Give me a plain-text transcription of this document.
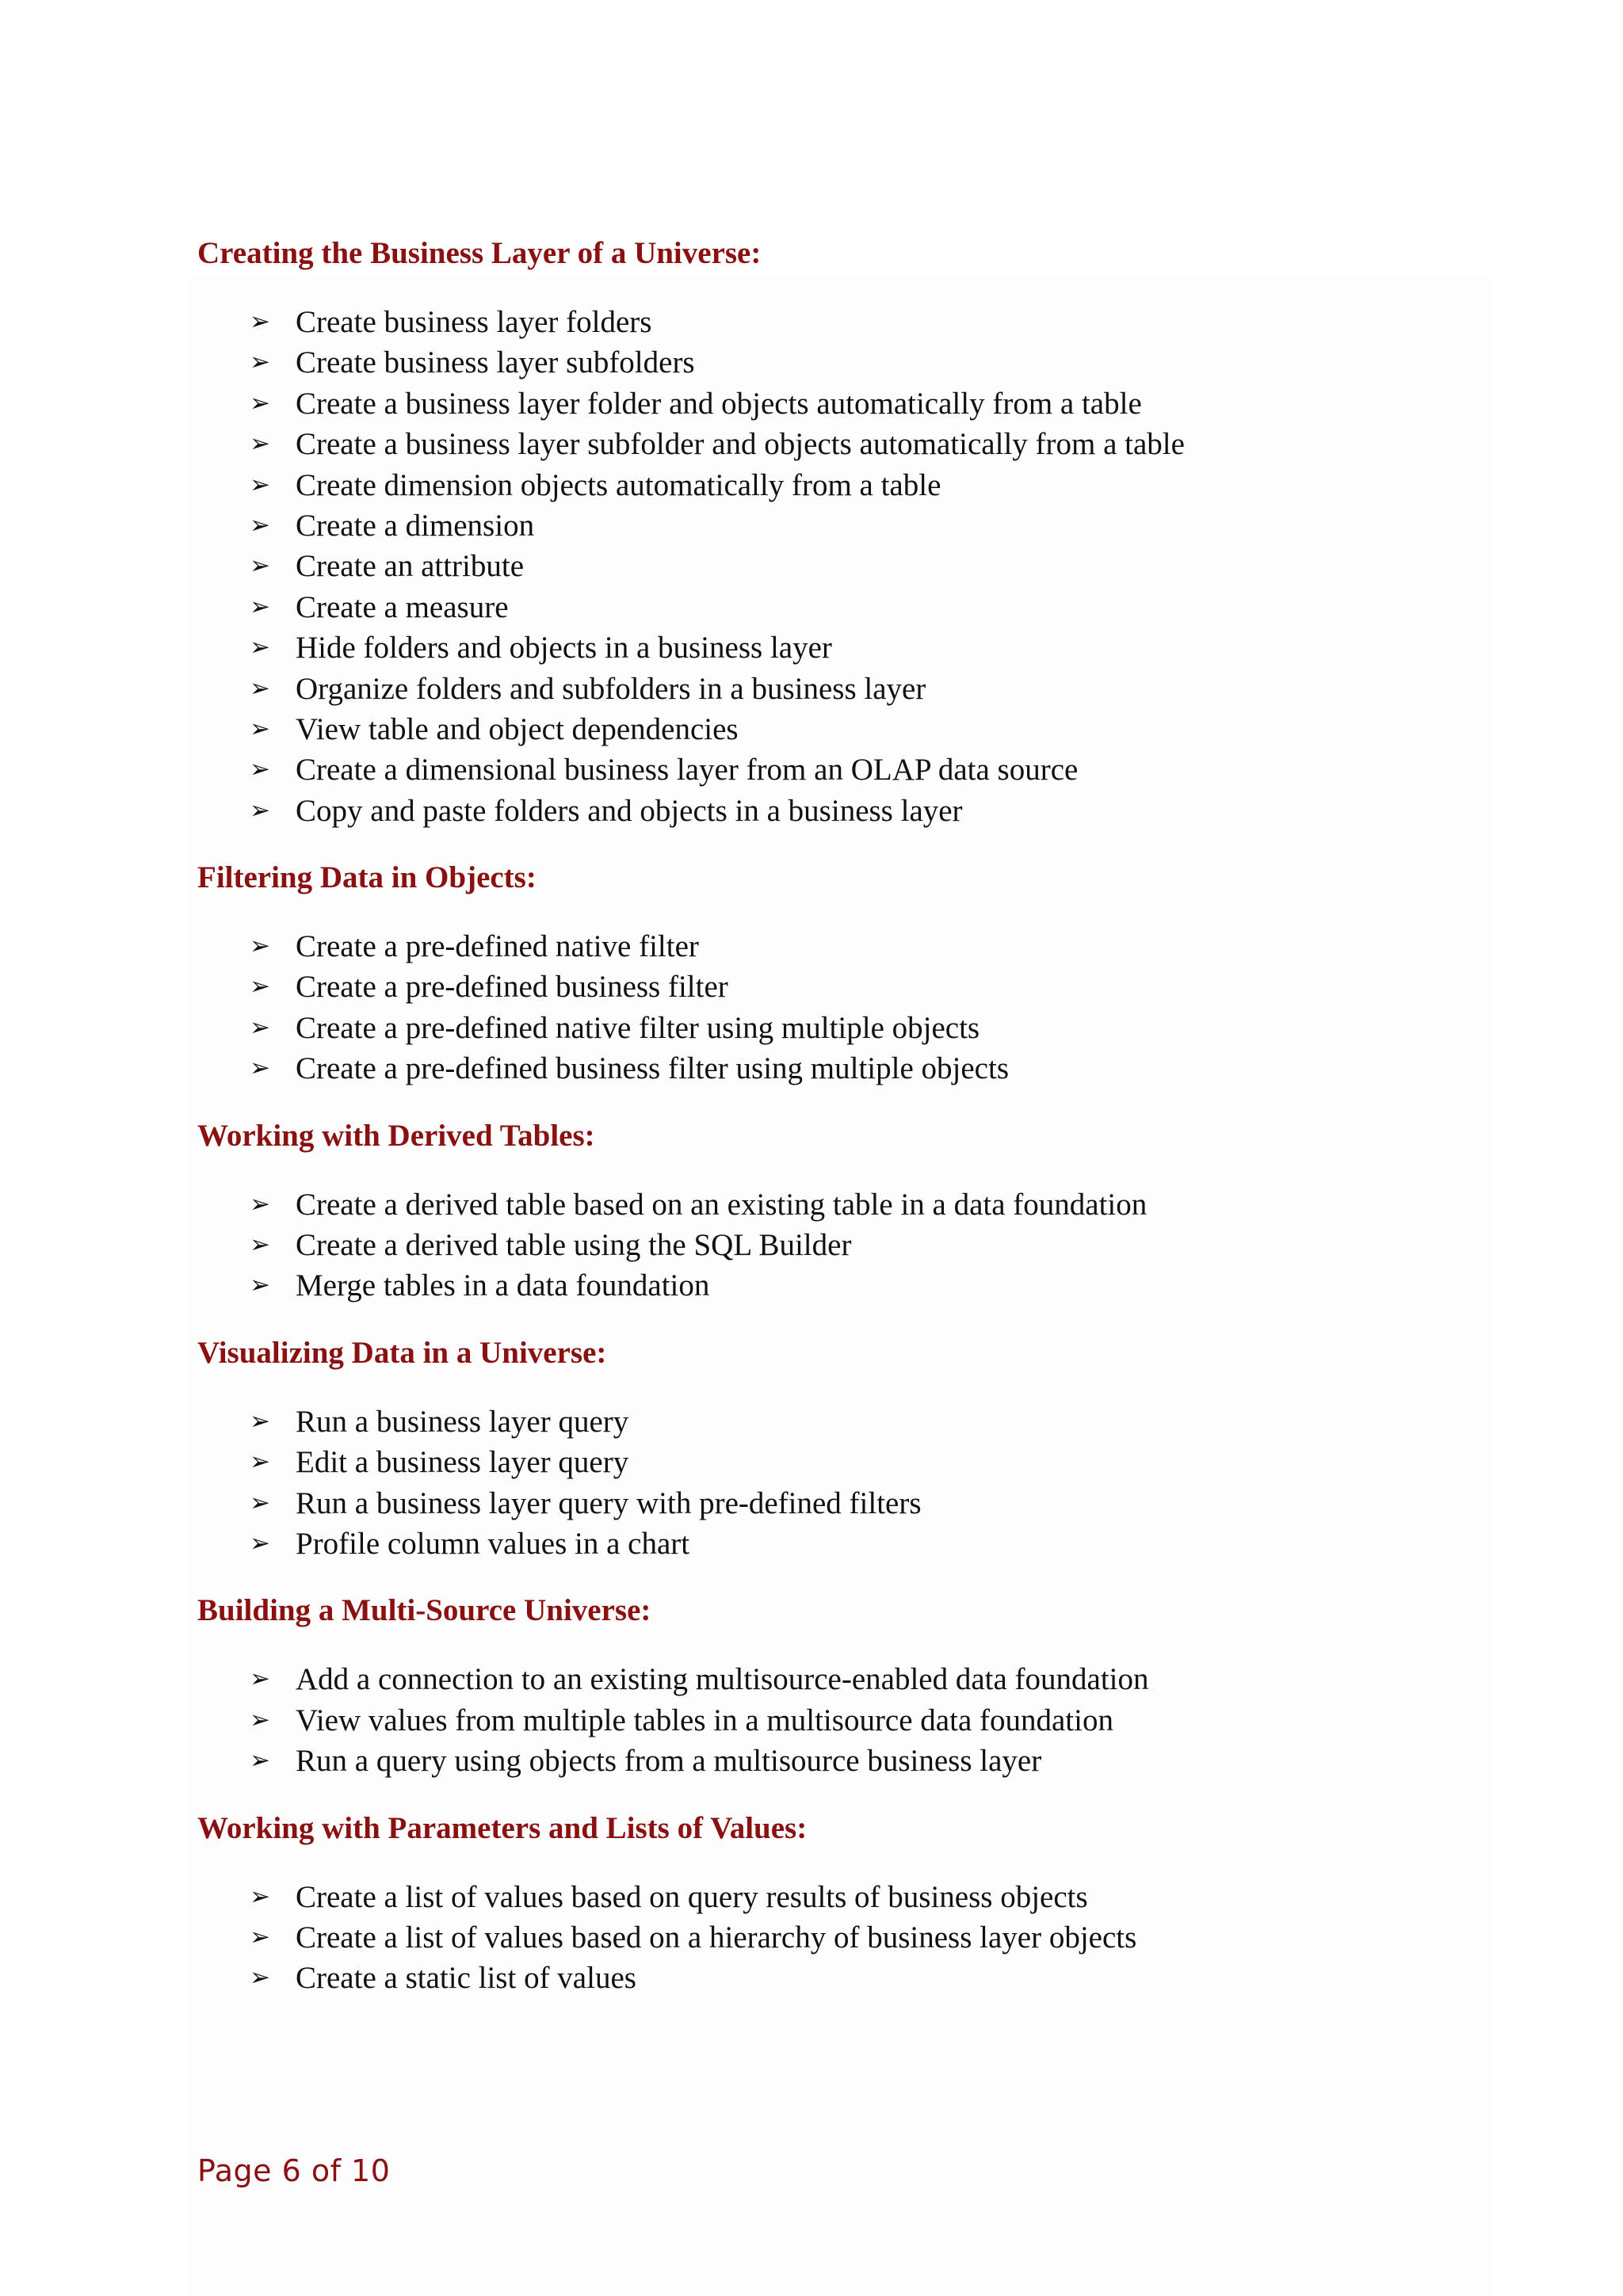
Creating the Business Layer of a Universe:
➢ Create business layer folders
➢ Create business layer subfolders
➢ Create a business layer folder and objects automatically from a table
➢ Create a business layer subfolder and objects automatically from a table
➢ Create dimension objects automatically from a table
➢ Create a dimension
➢ Create an attribute
➢ Create a measure
➢ Hide folders and objects in a business layer
➢ Organize folders and subfolders in a business layer
➢ View table and object dependencies
➢ Create a dimensional business layer from an OLAP data source
➢ Copy and paste folders and objects in a business layer
Filtering Data in Objects:
➢ Create a pre-defined native filter
➢ Create a pre-defined business filter
➢ Create a pre-defined native filter using multiple objects
➢ Create a pre-defined business filter using multiple objects
Working with Derived Tables:
➢ Create a derived table based on an existing table in a data foundation
➢ Create a derived table using the SQL Builder
➢ Merge tables in a data foundation
Visualizing Data in a Universe:
➢ Run a business layer query
➢ Edit a business layer query
➢ Run a business layer query with pre-defined filters
➢ Profile column values in a chart
Building a Multi-Source Universe:
➢ Add a connection to an existing multisource-enabled data foundation
➢ View values from multiple tables in a multisource data foundation
➢ Run a query using objects from a multisource business layer
Working with Parameters and Lists of Values:
➢ Create a list of values based on query results of business objects
➢ Create a list of values based on a hierarchy of business layer objects
➢ Create a static list of values
Page 6 of 10
